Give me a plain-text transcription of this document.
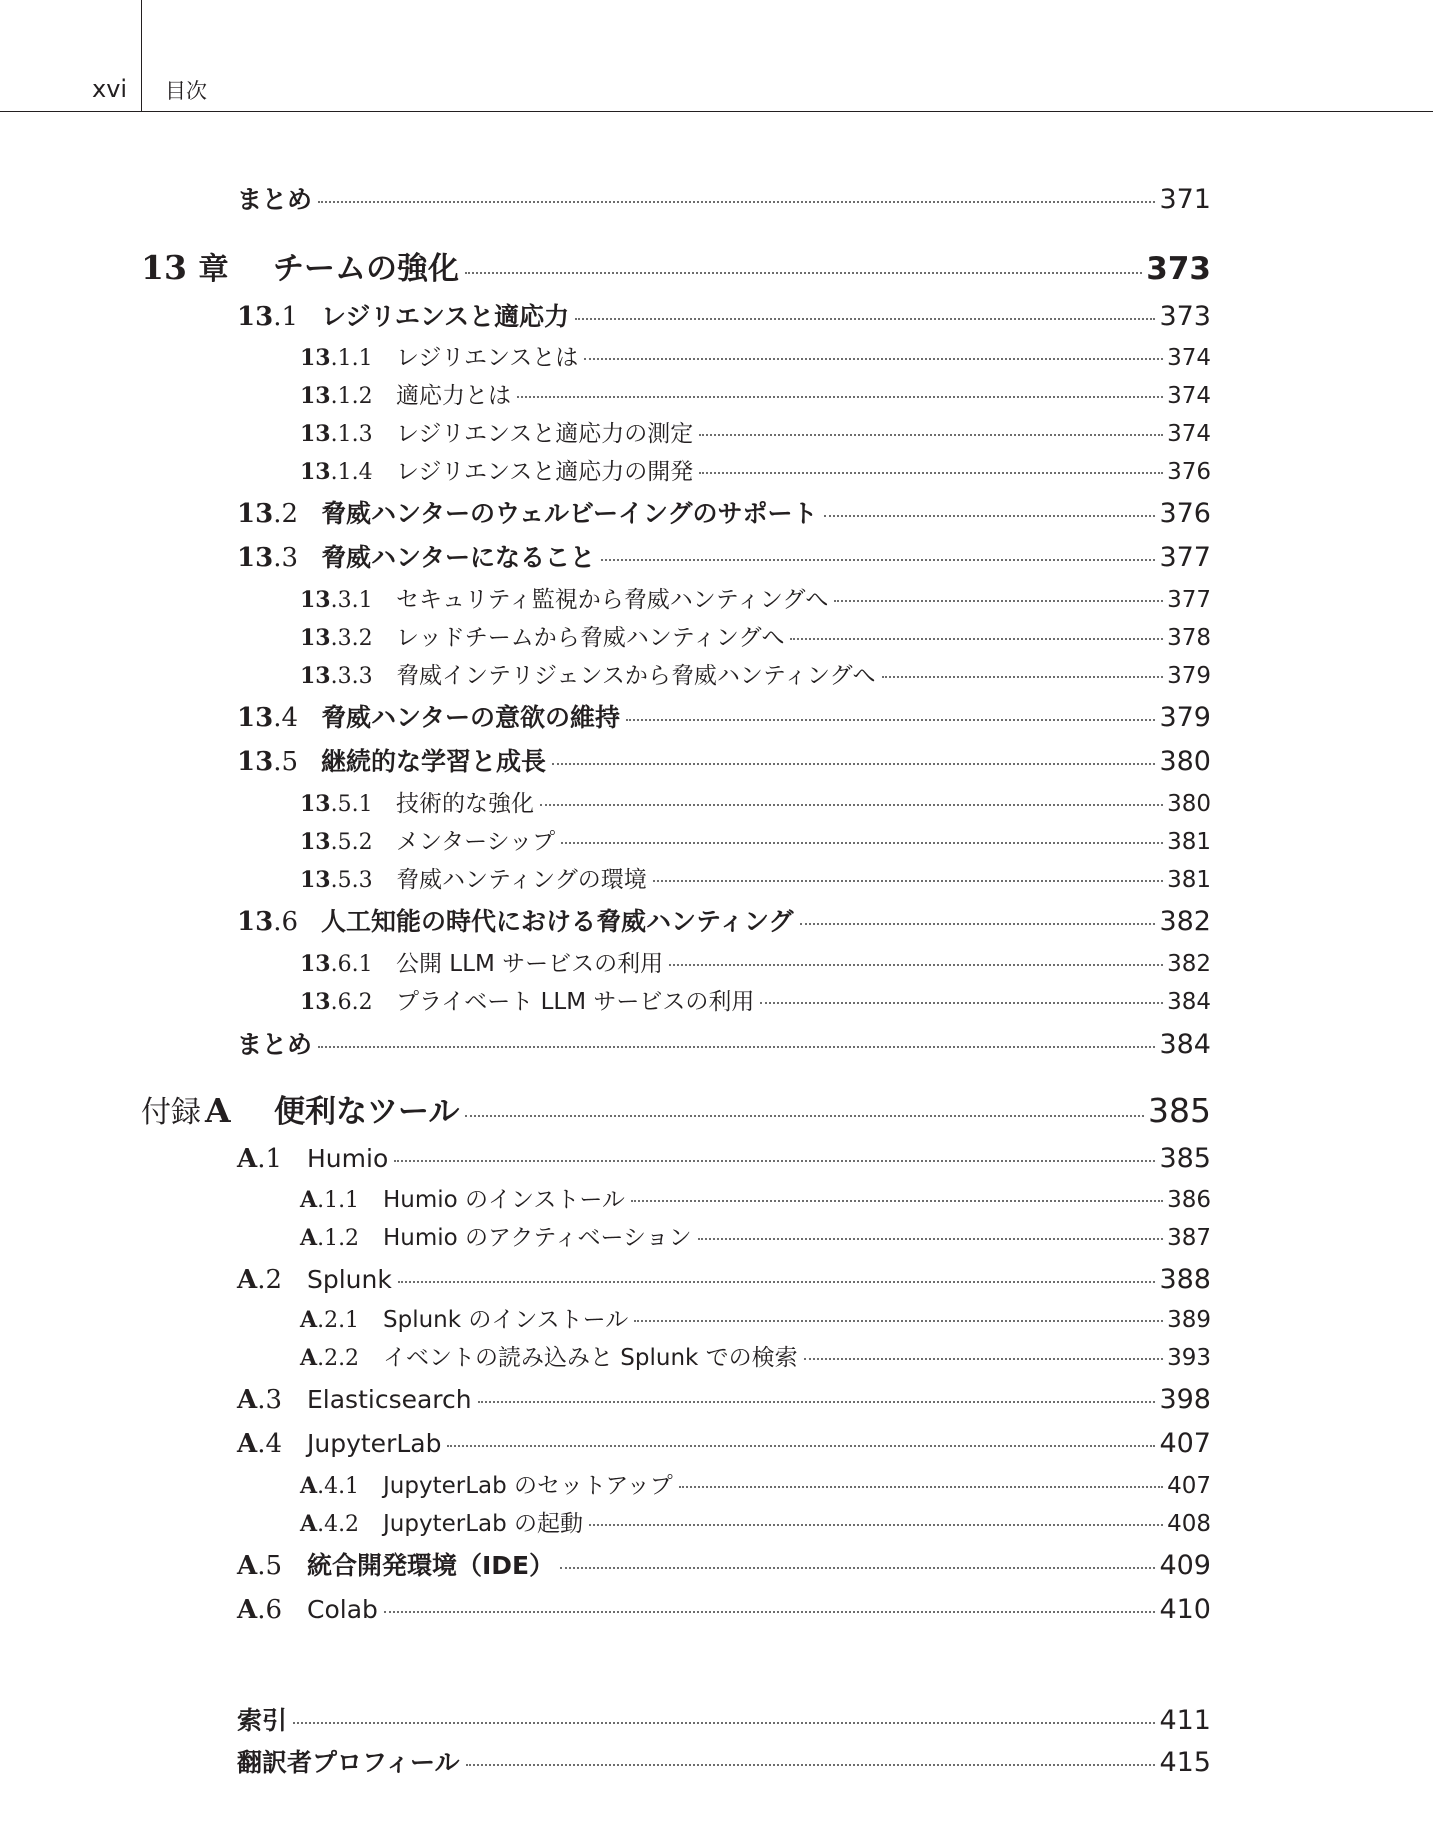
xvi 目次
まとめ	371
13 章	チームの強化	373
13.1 レジリエンスと適応力	373
13.1.1	レジリエンスとは	374
13.1.2	適応力とは	374
13.1.3	レジリエンスと適応力の測定	374
13.1.4	レジリエンスと適応力の開発	376
13.2 脅威ハンターのウェルビーイングのサポート	376
13.3 脅威ハンターになること	377
13.3.1	セキュリティ監視から脅威ハンティングへ	377
13.3.2	レッドチームから脅威ハンティングへ	378
13.3.3	脅威インテリジェンスから脅威ハンティングへ	379
13.4 脅威ハンターの意欲の維持	379
13.5 継続的な学習と成長	380
13.5.1	技術的な強化	380
13.5.2	メンターシップ	381
13.5.3	脅威ハンティングの環境	381
13.6 人工知能の時代における脅威ハンティング	382
13.6.1	公開 LLM サービスの利用	382
13.6.2	プライベート LLM サービスの利用	384
まとめ	384
付録 A	便利なツール	385
A.1	Humio	385
A.1.1	Humio のインストール	386
A.1.2	Humio のアクティベーション	387
A.2	Splunk	388
A.2.1	Splunk のインストール	389
A.2.2	イベントの読み込みと Splunk での検索	393
A.3	Elasticsearch	398
A.4	JupyterLab	407
A.4.1	JupyterLab のセットアップ	407
A.4.2	JupyterLab の起動	408
A.5	統合開発環境（IDE）	409
A.6	Colab	410
索引	411
翻訳者プロフィール	415
